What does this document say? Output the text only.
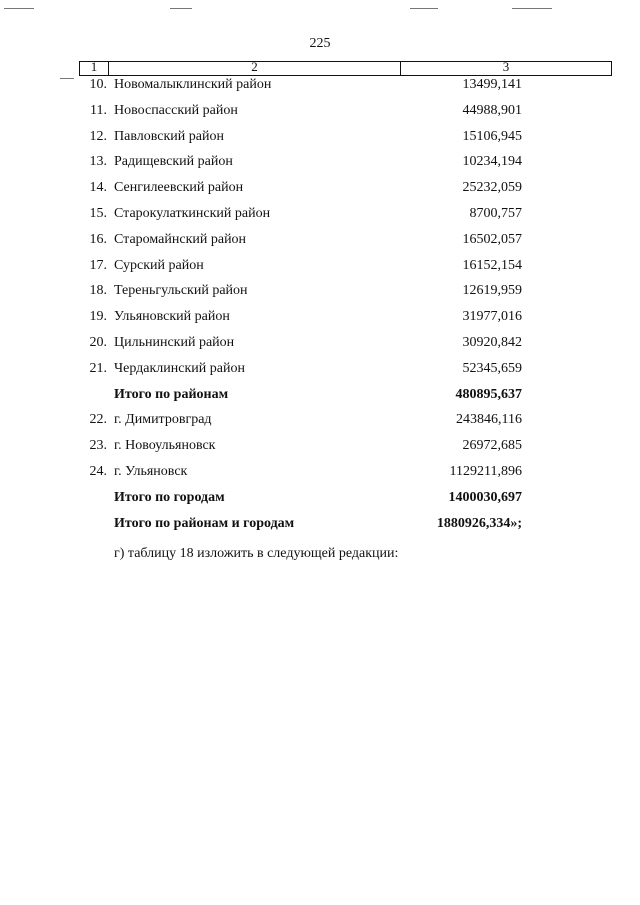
225
1	2	3
10. Новомалыклинский район	13499,141
11. Новоспасский район	44988,901
12. Павловский район	15106,945
13. Радищевский район	10234,194
14. Сенгилеевский район	25232,059
15. Старокулаткинский район	8700,757
16. Старомайнский район	16502,057
17. Сурский район	16152,154
18. Тереньгульский район	12619,959
19. Ульяновский район	31977,016
20. Цильнинский район	30920,842
21. Чердаклинский район	52345,659
Итого по районам	480895,637
22. г. Димитровград	243846,116
23. г. Новоульяновск	26972,685
24. г. Ульяновск	1129211,896
Итого по городам	1400030,697
Итого по районам и городам	1880926,334»;
г) таблицу 18 изложить в следующей редакции:
